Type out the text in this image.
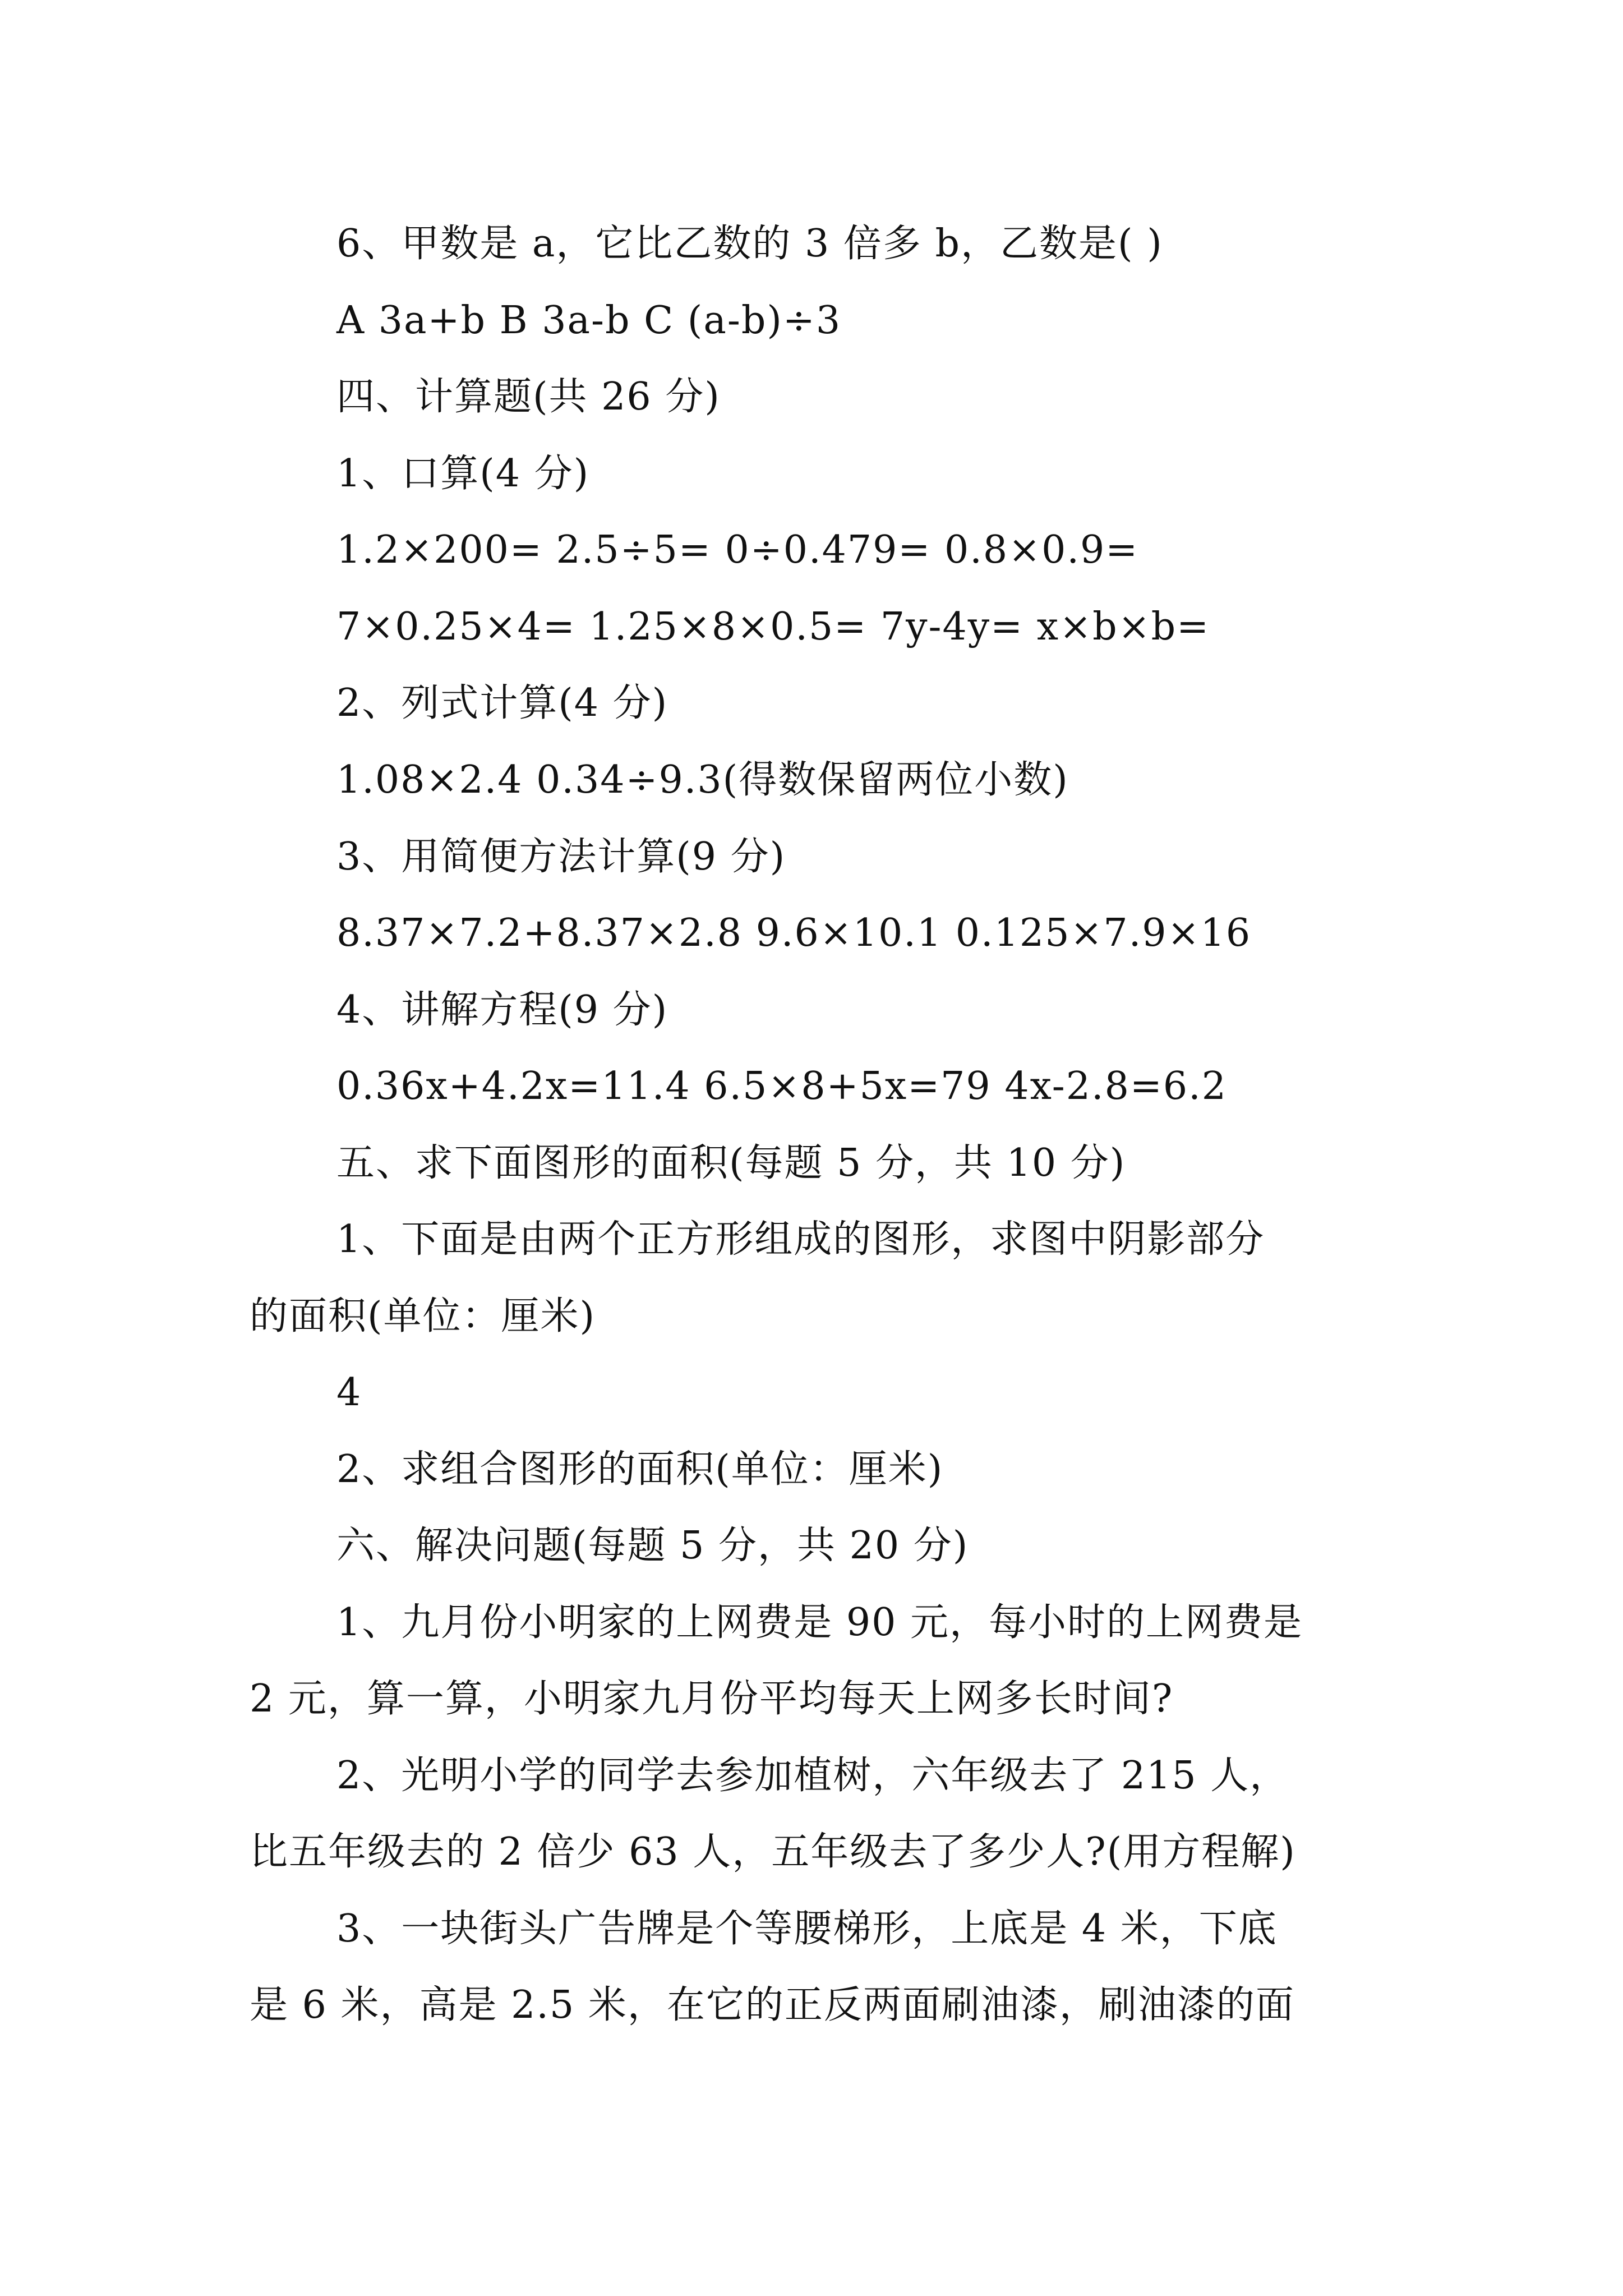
6、甲数是 a，它比乙数的 3 倍多 b，乙数是( )
A 3a+b B 3a-b C (a-b)÷3
四、计算题(共 26 分)
1、口算(4 分)
1.2×200= 2.5÷5= 0÷0.479= 0.8×0.9=
7×0.25×4= 1.25×8×0.5= 7y-4y= x×b×b=
2、列式计算(4 分)
1.08×2.4 0.34÷9.3(得数保留两位小数)
3、用简便方法计算(9 分)
8.37×7.2+8.37×2.8 9.6×10.1 0.125×7.9×16
4、讲解方程(9 分)
0.36x+4.2x=11.4 6.5×8+5x=79 4x-2.8=6.2
五、求下面图形的面积(每题 5 分，共 10 分)
1、下面是由两个正方形组成的图形，求图中阴影部分
的面积(单位：厘米)
4
2、求组合图形的面积(单位：厘米)
六、解决问题(每题 5 分，共 20 分)
1、九月份小明家的上网费是 90 元，每小时的上网费是
2 元，算一算，小明家九月份平均每天上网多长时间?
2、光明小学的同学去参加植树，六年级去了 215 人，
比五年级去的 2 倍少 63 人，五年级去了多少人?(用方程解)
3、一块街头广告牌是个等腰梯形，上底是 4 米，下底
是 6 米，高是 2.5 米，在它的正反两面刷油漆，刷油漆的面
